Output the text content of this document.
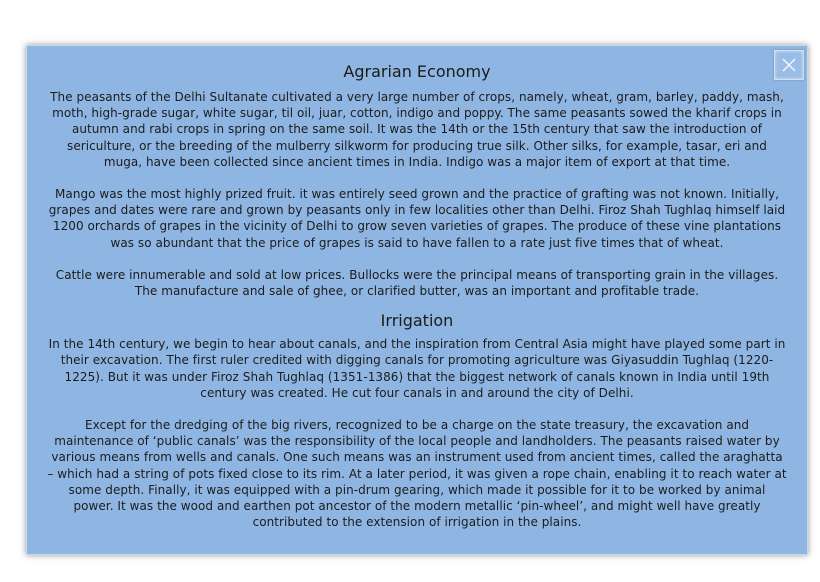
Agrarian Economy

The peasants of the Delhi Sultanate cultivated a very large number of crops, namely, wheat, gram, barley, paddy, mash, moth, high-grade sugar, white sugar, til oil, juar, cotton, indigo and poppy. The same peasants sowed the kharif crops in autumn and rabi crops in spring on the same soil. It was the 14th or the 15th century that saw the introduction of sericulture, or the breeding of the mulberry silkworm for producing true silk. Other silks, for example, tasar, eri and muga, have been collected since ancient times in India. Indigo was a major item of export at that time.

Mango was the most highly prized fruit. it was entirely seed grown and the practice of grafting was not known. Initially, grapes and dates were rare and grown by peasants only in few localities other than Delhi. Firoz Shah Tughlaq himself laid 1200 orchards of grapes in the vicinity of Delhi to grow seven varieties of grapes. The produce of these vine plantations was so abundant that the price of grapes is said to have fallen to a rate just five times that of wheat.

Cattle were innumerable and sold at low prices. Bullocks were the principal means of transporting grain in the villages. The manufacture and sale of ghee, or clarified butter, was an important and profitable trade.

Irrigation

In the 14th century, we begin to hear about canals, and the inspiration from Central Asia might have played some part in their excavation. The first ruler credited with digging canals for promoting agriculture was Giyasuddin Tughlaq (1220-1225). But it was under Firoz Shah Tughlaq (1351-1386) that the biggest network of canals known in India until 19th century was created. He cut four canals in and around the city of Delhi.

Except for the dredging of the big rivers, recognized to be a charge on the state treasury, the excavation and maintenance of ‘public canals’ was the responsibility of the local people and landholders. The peasants raised water by various means from wells and canals. One such means was an instrument used from ancient times, called the araghatta – which had a string of pots fixed close to its rim. At a later period, it was given a rope chain, enabling it to reach water at some depth. Finally, it was equipped with a pin-drum gearing, which made it possible for it to be worked by animal power. It was the wood and earthen pot ancestor of the modern metallic ‘pin-wheel’, and might well have greatly contributed to the extension of irrigation in the plains.
